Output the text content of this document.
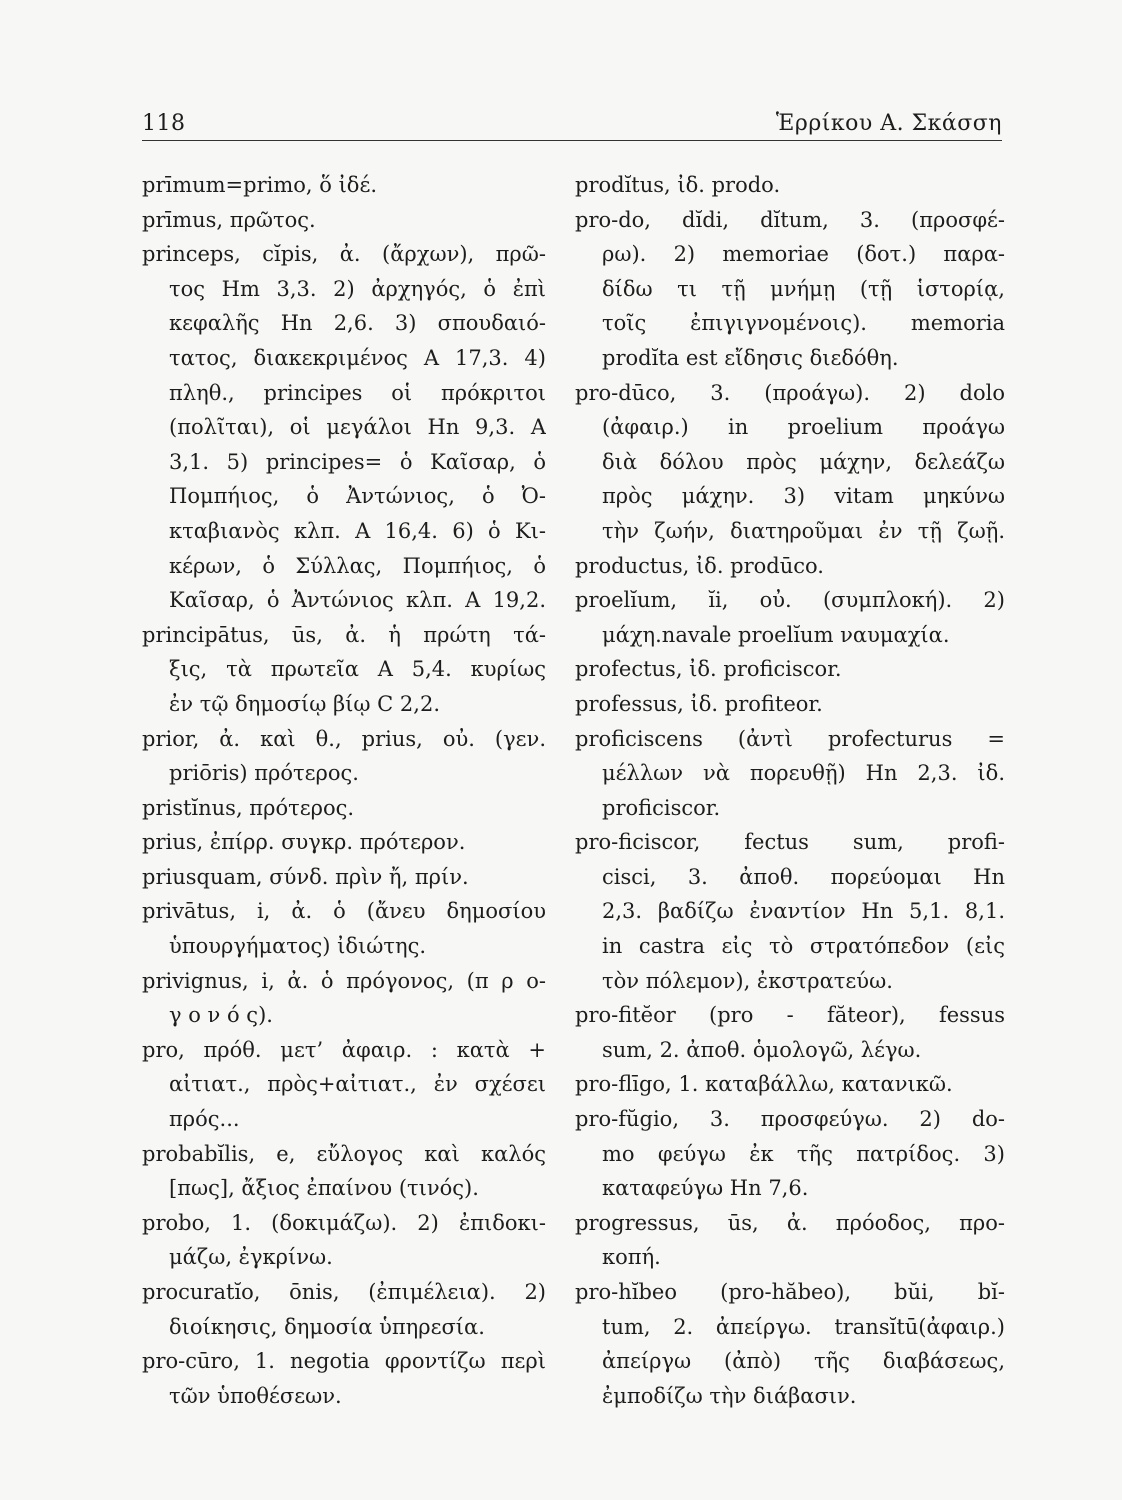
118	Ἑρρίκου Α. Σκάσση
prīmum=primo, ὅ ἰδέ.
prīmus, πρῶτος.
princeps, cĭpis, ἀ. (ἄρχων), πρῶ-
τος Hm 3,3. 2) ἀρχηγός, ὁ ἐπὶ
κεφαλῆς Hn 2,6. 3) σπουδαιό-
τατος, διακεκριμένος A 17,3. 4)
πληθ., principes οἱ πρόκριτοι
(πολῖται), οἱ μεγάλοι Hn 9,3. A
3,1. 5) principes= ὁ Καῖσαρ, ὁ
Πομπήιος, ὁ Ἀντώνιος, ὁ Ὀ-
κταβιανὸς κλπ. A 16,4. 6) ὁ Κι-
κέρων, ὁ Σύλλας, Πομπήιος, ὁ
Καῖσαρ, ὁ Ἀντώνιος κλπ. A 19,2.
principātus, ūs, ἀ. ἡ πρώτη τά-
ξις, τὰ πρωτεῖα A 5,4. κυρίως
ἐν τῷ δημοσίῳ βίῳ C 2,2.
prior, ἀ. καὶ θ., prius, οὐ. (γεν.
priōris) πρότερος.
pristĭnus, πρότερος.
prius, ἐπίρρ. συγκρ. πρότερον.
priusquam, σύνδ. πρὶν ἤ, πρίν.
privātus, i, ἀ. ὁ (ἄνευ δημοσίου
ὑπουργήματος) ἰδιώτης.
privignus, i, ἀ. ὁ πρόγονος, (π ρ ο-
γ ο ν ό ς).
pro, πρόθ. μετ’ ἀφαιρ. : κατὰ +
αἰτιατ., πρὸς+αἰτιατ., ἐν σχέσει
πρός...
probabĭlis, e, εὔλογος καὶ καλός
[πως], ἄξιος ἐπαίνου (τινός).
probo, 1. (δοκιμάζω). 2) ἐπιδοκι-
μάζω, ἐγκρίνω.
procuratĭo, ōnis, (ἐπιμέλεια). 2)
διοίκησις, δημοσία ὑπηρεσία.
pro-cūro, 1. negotia φροντίζω περὶ
τῶν ὑποθέσεων.
prodĭtus, ἰδ. prodo.
pro-do, dĭdi, dĭtum, 3. (προσφέ-
ρω). 2) memoriae (δοτ.) παρα-
δίδω τι τῇ μνήμῃ (τῇ ἱστορίᾳ,
τοῖς ἐπιγιγνομένοις). memoria
prodĭta est εἴδησις διεδόθη.
pro-dūco, 3. (προάγω). 2) dolo
(ἀφαιρ.) in proelium προάγω
διὰ δόλου πρὸς μάχην, δελεάζω
πρὸς μάχην. 3) vitam μηκύνω
τὴν ζωήν, διατηροῦμαι ἐν τῇ ζωῇ.
productus, ἰδ. prodūco.
proelĭum, ĭi, οὐ. (συμπλοκή). 2)
μάχη.navale proelĭum ναυμαχία.
profectus, ἰδ. proficiscor.
professus, ἰδ. profiteor.
proficiscens (ἀντὶ profecturus =
μέλλων νὰ πορευθῇ) Hn 2,3. ἰδ.
proficiscor.
pro-ficiscor, fectus sum, profi-
cisci, 3. ἀποθ. πορεύομαι Hn
2,3. βαδίζω ἐναντίον Hn 5,1. 8,1.
in castra εἰς τὸ στρατόπεδον (εἰς
τὸν πόλεμον), ἐκστρατεύω.
pro-fitĕor (pro - fătеor), fessus
sum, 2. ἀποθ. ὁμολογῶ, λέγω.
pro-flīgo, 1. καταβάλλω, κατανικῶ.
pro-fŭgio, 3. προσφεύγω. 2) do-
mo φεύγω ἐκ τῆς πατρίδος. 3)
καταφεύγω Hn 7,6.
progressus, ūs, ἀ. πρόοδος, προ-
κοπή.
pro-hĭbeo (pro-hăbeo), bŭi, bĭ-
tum, 2. ἀπείργω. transĭtū(ἀφαιρ.)
ἀπείργω (ἀπὸ) τῆς διαβάσεως,
ἐμποδίζω τὴν διάβασιν.
